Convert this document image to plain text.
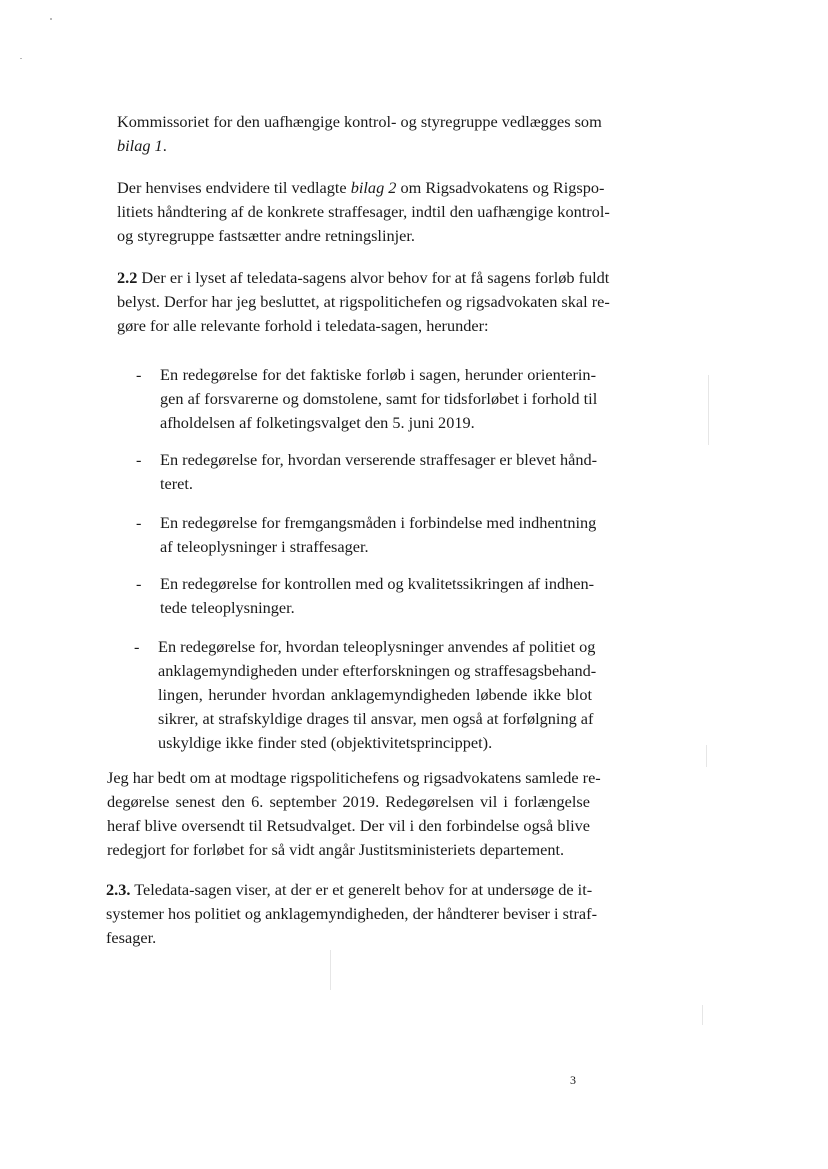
Kommissoriet for den uafhængige kontrol- og styregruppe vedlægges som
bilag 1.
Der henvises endvidere til vedlagte bilag 2 om Rigsadvokatens og Rigspo-
litiets håndtering af de konkrete straffesager, indtil den uafhængige kontrol-
og styregruppe fastsætter andre retningslinjer.
2.2 Der er i lyset af teledata-sagens alvor behov for at få sagens forløb fuldt
belyst. Derfor har jeg besluttet, at rigspolitichefen og rigsadvokaten skal re-
gøre for alle relevante forhold i teledata-sagen, herunder:
- En redegørelse for det faktiske forløb i sagen, herunder orienterin-
gen af forsvarerne og domstolene, samt for tidsforløbet i forhold til
afholdelsen af folketingsvalget den 5. juni 2019.
- En redegørelse for, hvordan verserende straffesager er blevet hånd-
teret.
- En redegørelse for fremgangsmåden i forbindelse med indhentning
af teleoplysninger i straffesager.
- En redegørelse for kontrollen med og kvalitetssikringen af indhen-
tede teleoplysninger.
- En redegørelse for, hvordan teleoplysninger anvendes af politiet og
anklagemyndigheden under efterforskningen og straffesagsbehand-
lingen, herunder hvordan anklagemyndigheden løbende ikke blot
sikrer, at strafskyldige drages til ansvar, men også at forfølgning af
uskyldige ikke finder sted (objektivitetsprincippet).
Jeg har bedt om at modtage rigspolitichefens og rigsadvokatens samlede re-
degørelse senest den 6. september 2019. Redegørelsen vil i forlængelse
heraf blive oversendt til Retsudvalget. Der vil i den forbindelse også blive
redegjort for forløbet for så vidt angår Justitsministeriets departement.
2.3. Teledata-sagen viser, at der er et generelt behov for at undersøge de it-
systemer hos politiet og anklagemyndigheden, der håndterer beviser i straf-
fesager.
3
